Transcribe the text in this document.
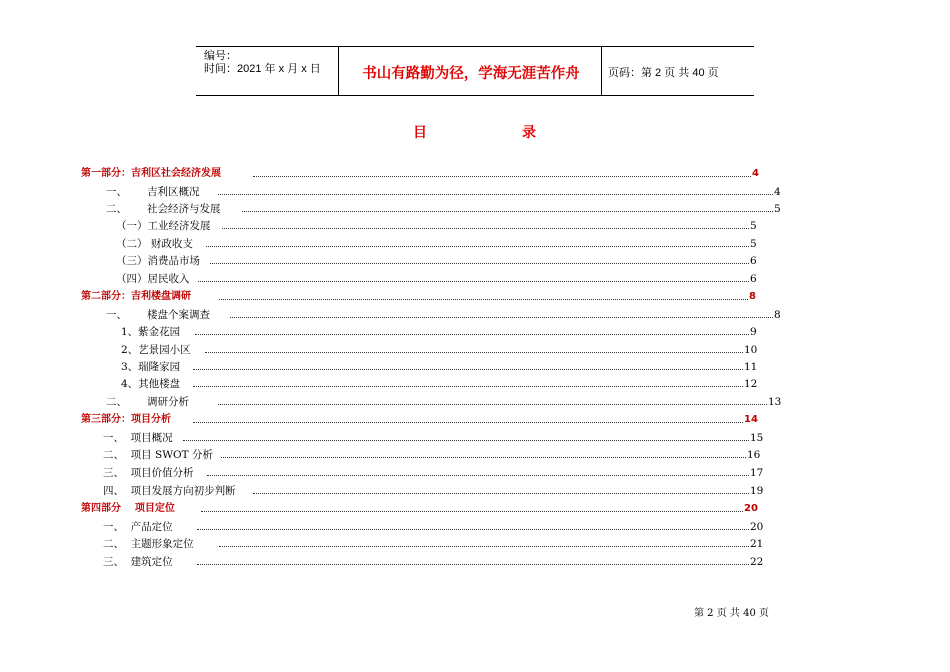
编号：
时间：2021 年 x 月 x 日	书山有路勤为径，学海无涯苦作舟	页码：第 2 页 共 40 页
目	录
第一部分：吉利区社会经济发展	4
一、      吉利区概况	4
二、      社会经济与发展	5
（一）工业经济发展	5
（二） 财政收支	5
（三）消费品市场	6
（四）居民收入	6
第二部分：吉利楼盘调研	8
一、      楼盘个案调查	8
1、紫金花园	9
2、艺景园小区	10
3、瑞隆家园	11
4、其他楼盘	12
二、      调研分析	13
第三部分：项目分析	14
一、  项目概况	15
二、  项目 SWOT 分析	16
三、  项目价值分析	17
四、  项目发展方向初步判断	19
第四部分    项目定位	20
一、  产品定位	20
二、  主题形象定位	21
三、  建筑定位	22
第 2 页 共 40 页
